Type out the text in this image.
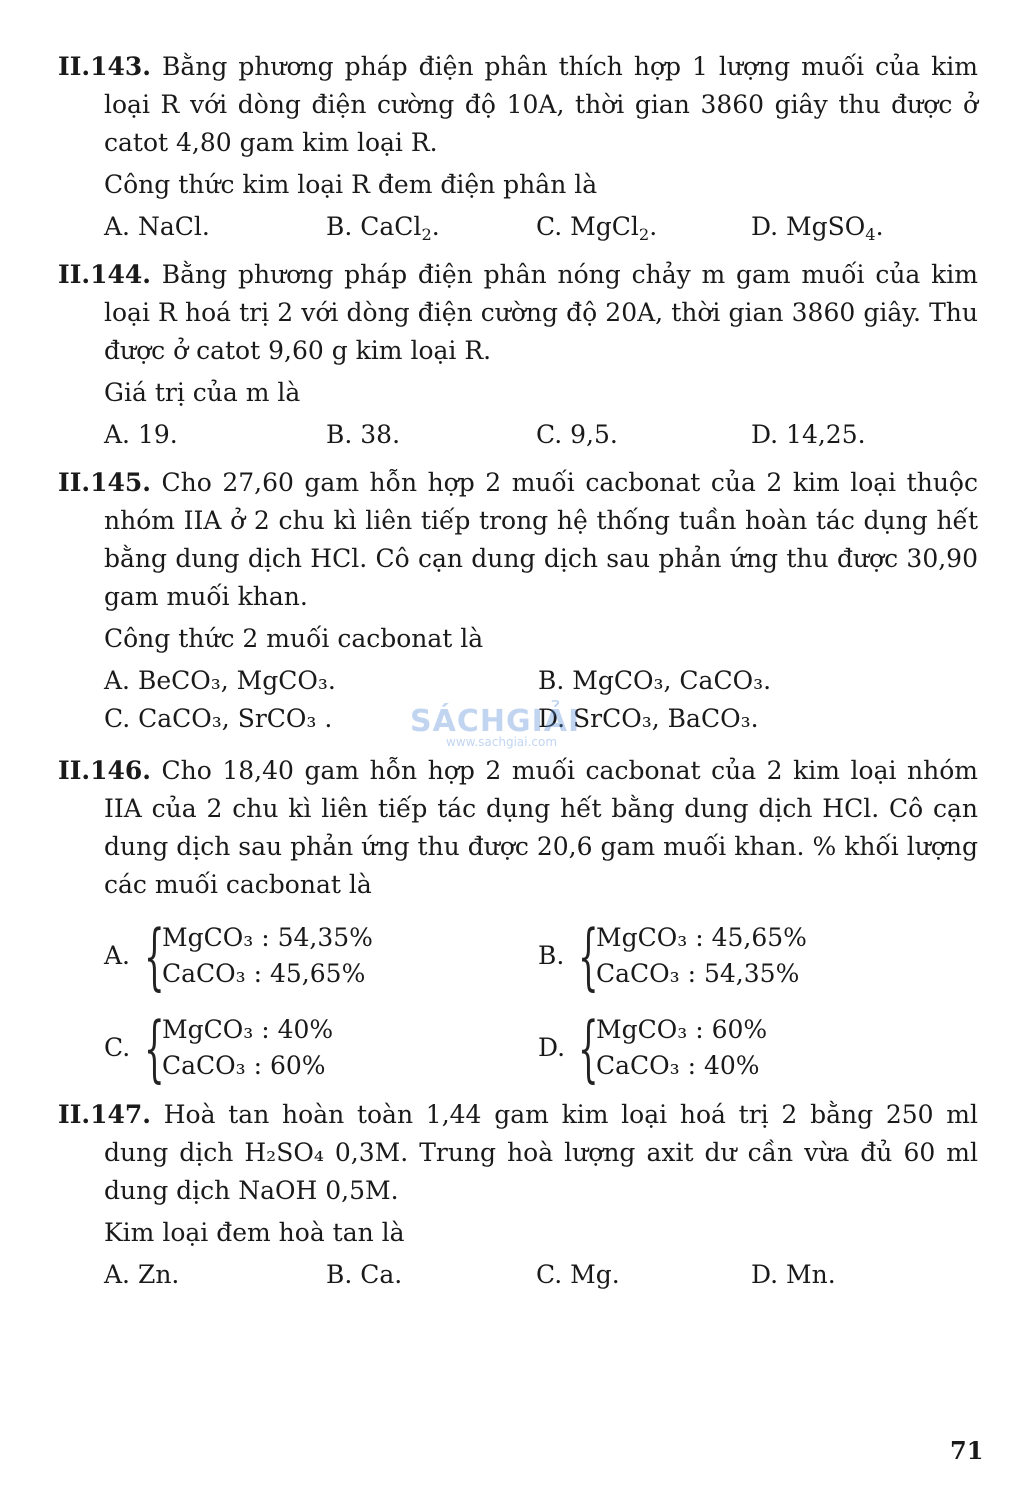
II.143. Bằng phương pháp điện phân thích hợp 1 lượng muối của kim loại R với dòng điện cường độ 10A, thời gian 3860 giây thu được ở catot 4,80 gam kim loại R.
Công thức kim loại R đem điện phân là
A. NaCl.	B. CaCl$_2$.	C. MgCl$_2$.	D. MgSO$_4$.
II.144. Bằng phương pháp điện phân nóng chảy m gam muối của kim loại R hoá trị 2 với dòng điện cường độ 20A, thời gian 3860 giây. Thu được ở catot 9,60 g kim loại R.
Giá trị của m là
A. 19.	B. 38.	C. 9,5.	D. 14,25.
II.145. Cho 27,60 gam hỗn hợp 2 muối cacbonat của 2 kim loại thuộc nhóm IIA ở 2 chu kì liên tiếp trong hệ thống tuần hoàn tác dụng hết bằng dung dịch HCl. Cô cạn dung dịch sau phản ứng thu được 30,90 gam muối khan.
Công thức 2 muối cacbonat là
A. BeCO₃, MgCO₃.	B. MgCO₃, CaCO₃.
C. CaCO₃, SrCO₃ .	D. SrCO₃, BaCO₃.
SÁCHGIẢI
www.sachgiai.com
II.146. Cho 18,40 gam hỗn hợp 2 muối cacbonat của 2 kim loại nhóm IIA của 2 chu kì liên tiếp tác dụng hết bằng dung dịch HCl. Cô cạn dung dịch sau phản ứng thu được 20,6 gam muối khan. % khối lượng các muối cacbonat là
A. {
MgCO₃ : 54,35%
CaCO₃ : 45,65%
B. {
MgCO₃ : 45,65%
CaCO₃ : 54,35%
C. {
MgCO₃ : 40%
CaCO₃ : 60%
D. {
MgCO₃ : 60%
CaCO₃ : 40%
II.147. Hoà tan hoàn toàn 1,44 gam kim loại hoá trị 2 bằng 250 ml dung dịch H₂SO₄ 0,3M. Trung hoà lượng axit dư cần vừa đủ 60 ml dung dịch NaOH 0,5M.
Kim loại đem hoà tan là
A. Zn.	B. Ca.	C. Mg.	D. Mn.
71
